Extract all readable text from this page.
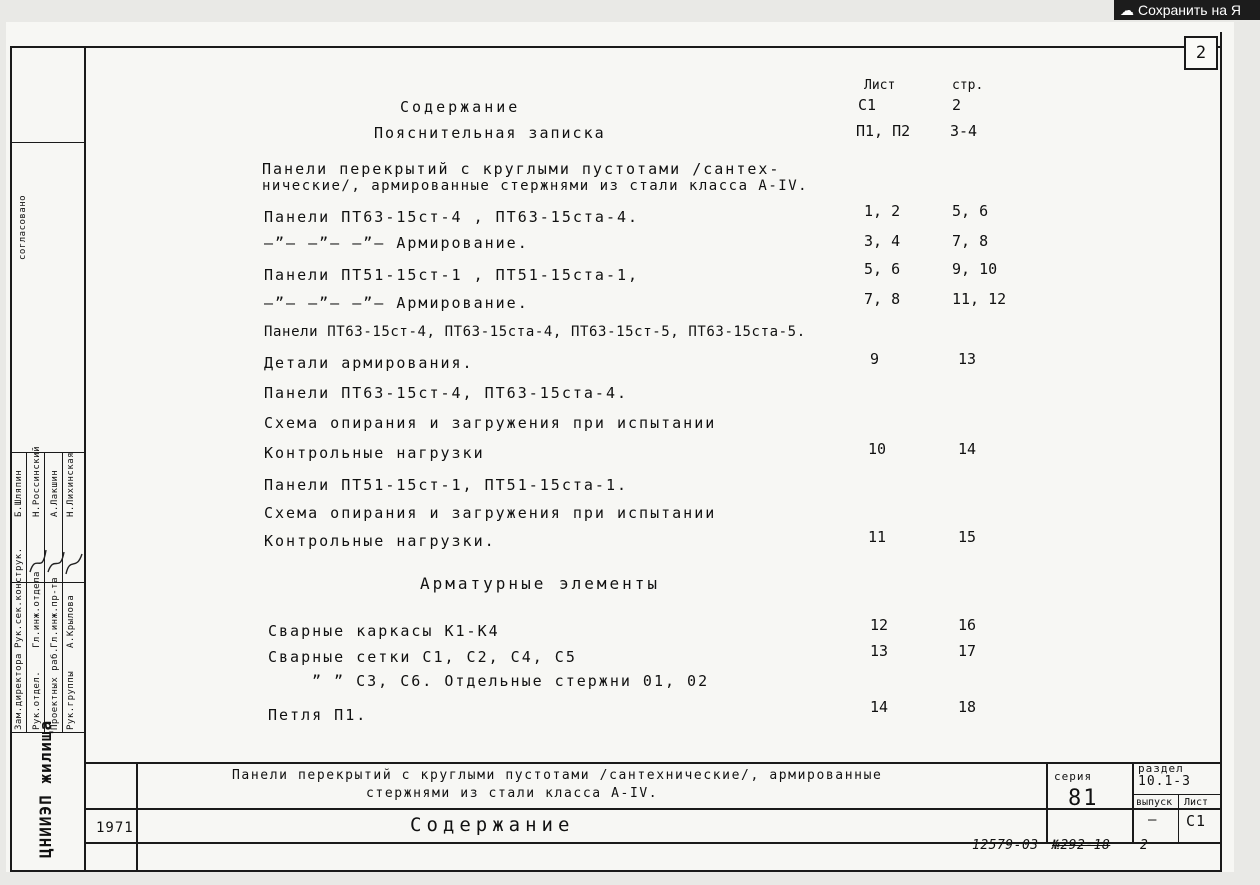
☁ Сохранить на Я
2
согласовано
Зам.директора Рук.отдел. Проектных раб. Рук.группы
Рук.сек.конструк. Гл.инж.отдела Гл.инж.пр-та
Б.Шляпин Н.Россинский А.Лакшин Н.Лихинская
А.Крылова
ЦНИИЭП жилища
Лист	стр.
Содержание	С1	2
Пояснительная записка	П1, П2	3-4
Панели перекрытий с круглыми пустотами /сантех-
нические/, армированные стержнями из стали класса А-IV.
Панели ПТ63-15ст-4 , ПТ63-15ста-4.	1, 2	5, 6
—”— —”— —”— Армирование.	3, 4	7, 8
Панели ПТ51-15ст-1 , ПТ51-15ста-1,	5, 6	9, 10
—”— —”— —”— Армирование.	7, 8	11, 12
Панели ПТ63-15ст-4, ПТ63-15ста-4, ПТ63-15ст-5, ПТ63-15ста-5.
Детали армирования.	9	13
Панели ПТ63-15ст-4, ПТ63-15ста-4.
Схема опирания и загружения при испытании
Контрольные нагрузки	10	14
Панели ПТ51-15ст-1, ПТ51-15ста-1.
Схема опирания и загружения при испытании
Контрольные нагрузки.	11	15
Арматурные элементы
Сварные каркасы К1-К4	12	16
Сварные сетки С1, С2, С4, С5	13	17
” ” С3, С6. Отдельные стержни 01, 02
Петля П1.	14	18
Панели перекрытий с круглыми пустотами /сантехнические/, армированные
стержнями из стали класса А-IV.
1971	Содержание
серия
81
раздел
10.1-3
выпуск
—
Лист
С1
12579-03 №292-18 2
